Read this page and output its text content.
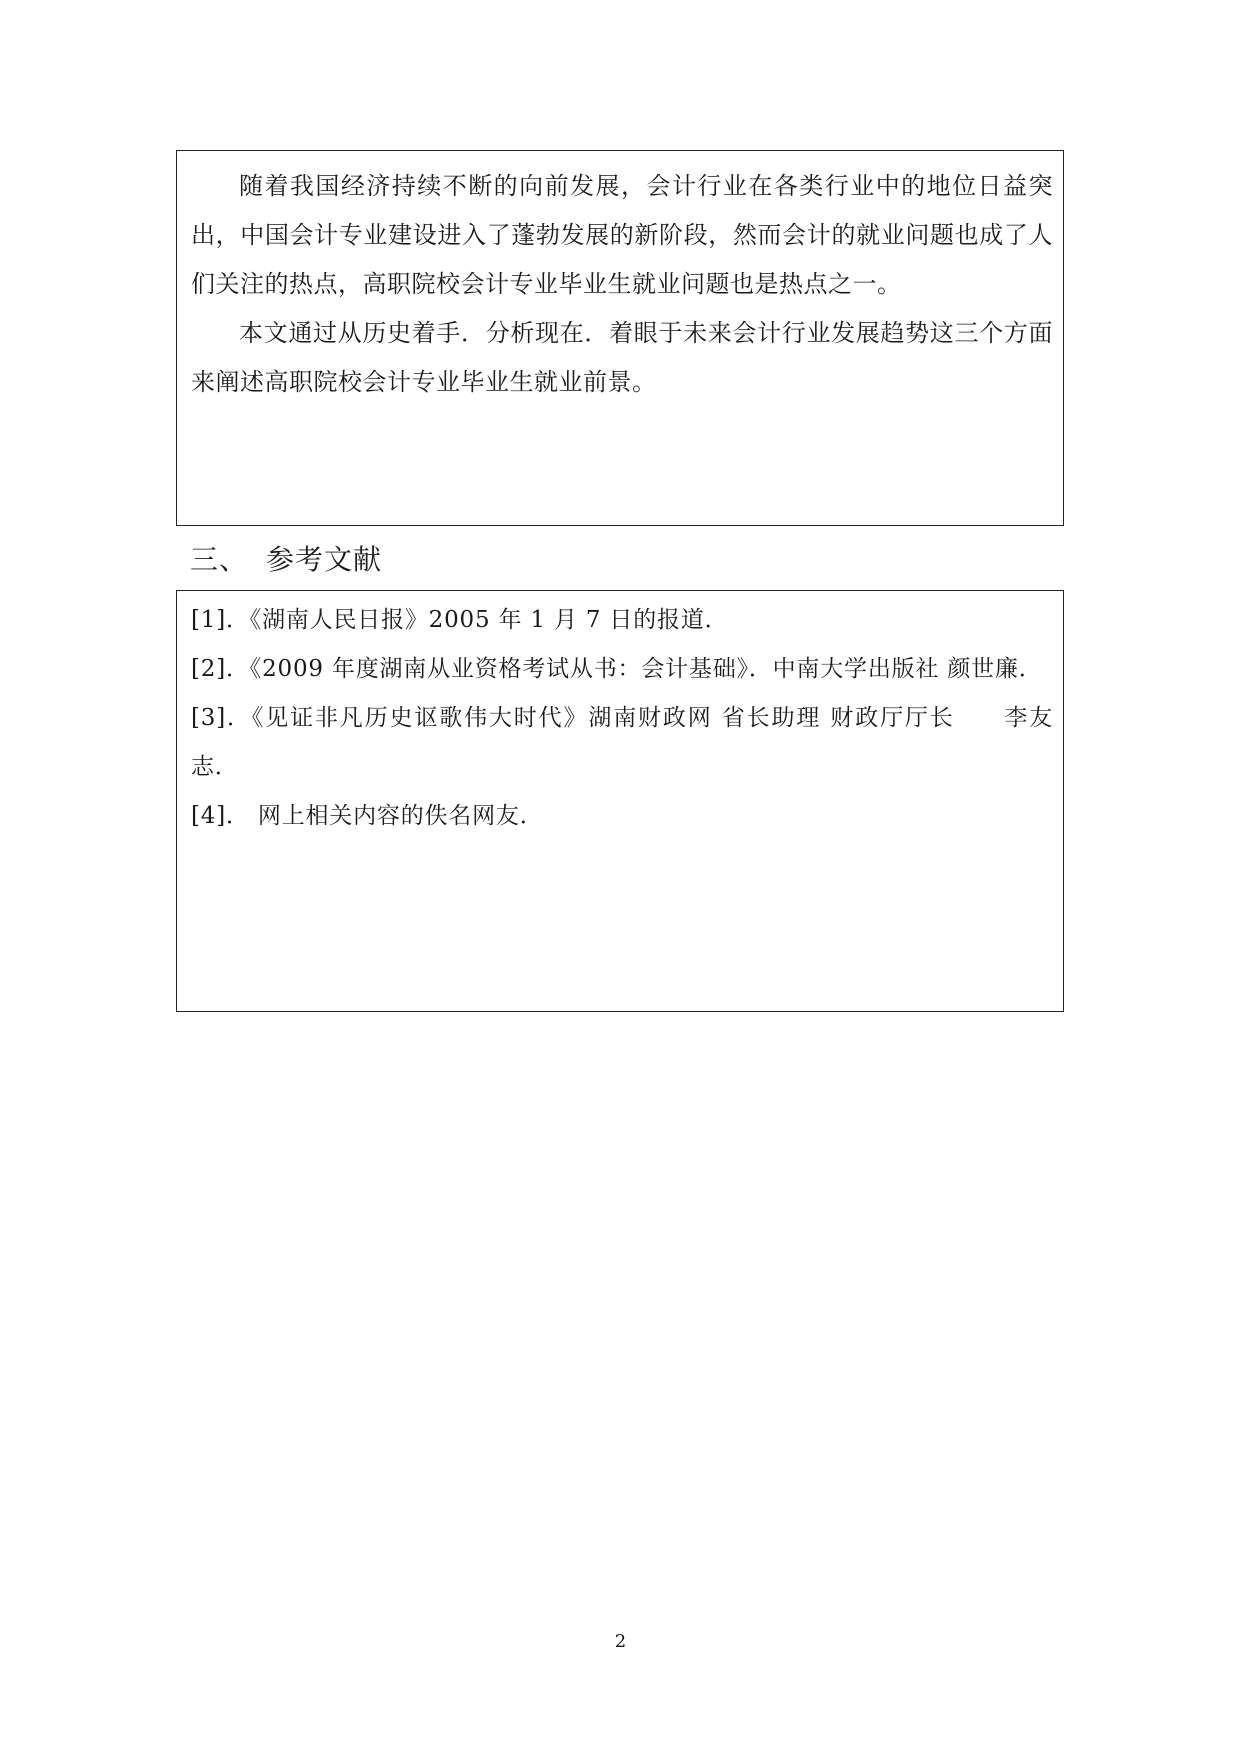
随着我国经济持续不断的向前发展，会计行业在各类行业中的地位日益突出，中国会计专业建设进入了蓬勃发展的新阶段，然而会计的就业问题也成了人们关注的热点，高职院校会计专业毕业生就业问题也是热点之一。

本文通过从历史着手．分析现在．着眼于未来会计行业发展趋势这三个方面来阐述高职院校会计专业毕业生就业前景。

三、 参考文献

[1]．《湖南人民日报》2005 年 1 月 7 日的报道．

[2]．《2009 年度湖南从业资格考试从书：会计基础》．中南大学出版社 颜世廉．

[3]．《见证非凡历史讴歌伟大时代》湖南财政网 省长助理 财政厅厅长　　李友志．

[4]． 网上相关内容的佚名网友．

2
